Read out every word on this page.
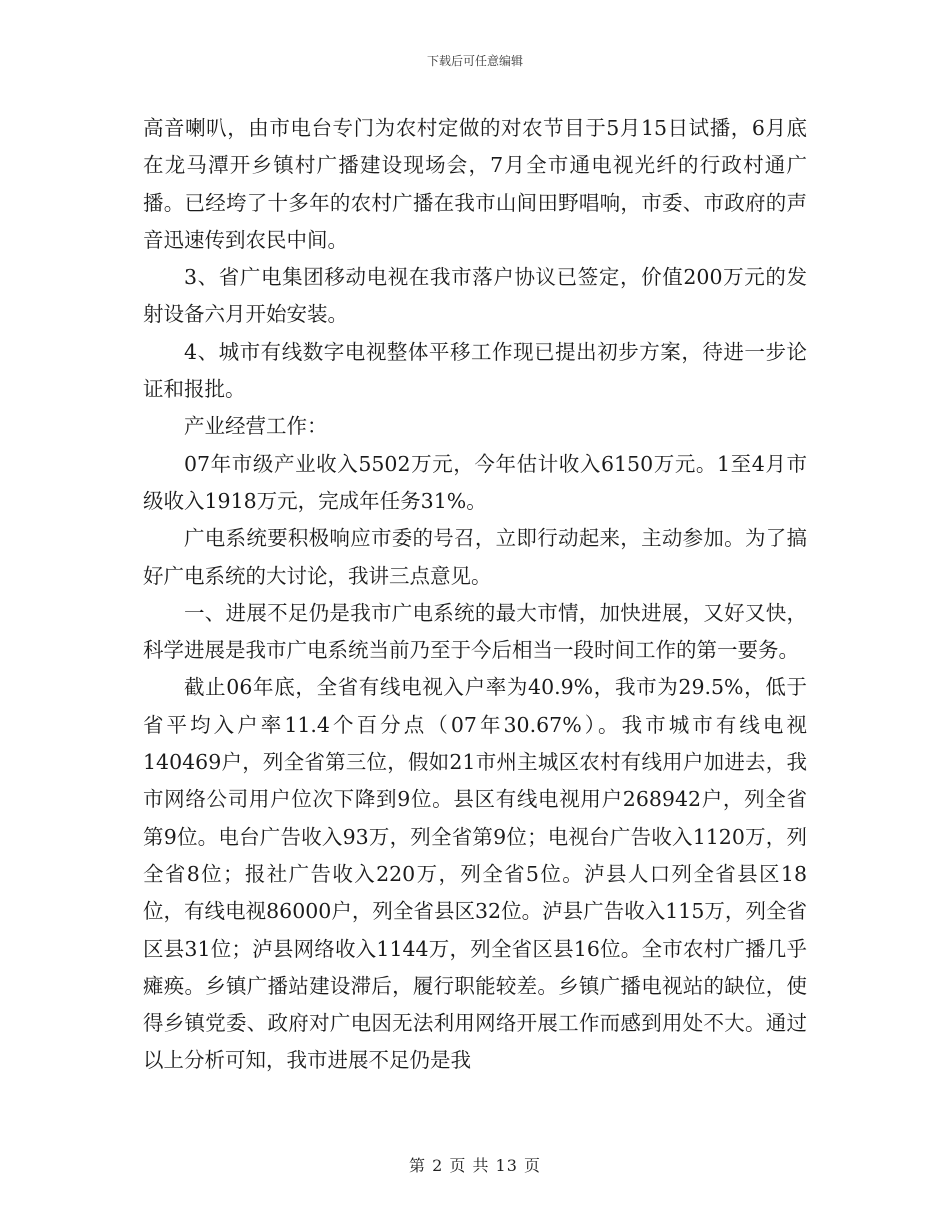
下载后可任意编辑

高音喇叭，由市电台专门为农村定做的对农节目于5月15日试播，6月底在龙马潭开乡镇村广播建设现场会，7月全市通电视光纤的行政村通广播。已经垮了十多年的农村广播在我市山间田野唱响，市委、市政府的声音迅速传到农民中间。

3、省广电集团移动电视在我市落户协议已签定，价值200万元的发射设备六月开始安装。

4、城市有线数字电视整体平移工作现已提出初步方案，待进一步论证和报批。

产业经营工作：

07年市级产业收入5502万元，今年估计收入6150万元。1至4月市级收入1918万元，完成年任务31%。

广电系统要积极响应市委的号召，立即行动起来，主动参加。为了搞好广电系统的大讨论，我讲三点意见。

一、进展不足仍是我市广电系统的最大市情，加快进展，又好又快，科学进展是我市广电系统当前乃至于今后相当一段时间工作的第一要务。

截止06年底，全省有线电视入户率为40.9%，我市为29.5%，低于省平均入户率11.4个百分点（07年30.67%）。我市城市有线电视140469户，列全省第三位，假如21市州主城区农村有线用户加进去，我市网络公司用户位次下降到9位。县区有线电视用户268942户，列全省第9位。电台广告收入93万，列全省第9位；电视台广告收入1120万，列全省8位；报社广告收入220万，列全省5位。泸县人口列全省县区18位，有线电视86000户，列全省县区32位。泸县广告收入115万，列全省区县31位；泸县网络收入1144万，列全省区县16位。全市农村广播几乎瘫痪。乡镇广播站建设滞后，履行职能较差。乡镇广播电视站的缺位，使得乡镇党委、政府对广电因无法利用网络开展工作而感到用处不大。通过以上分析可知，我市进展不足仍是我

第 2 页 共 13 页
